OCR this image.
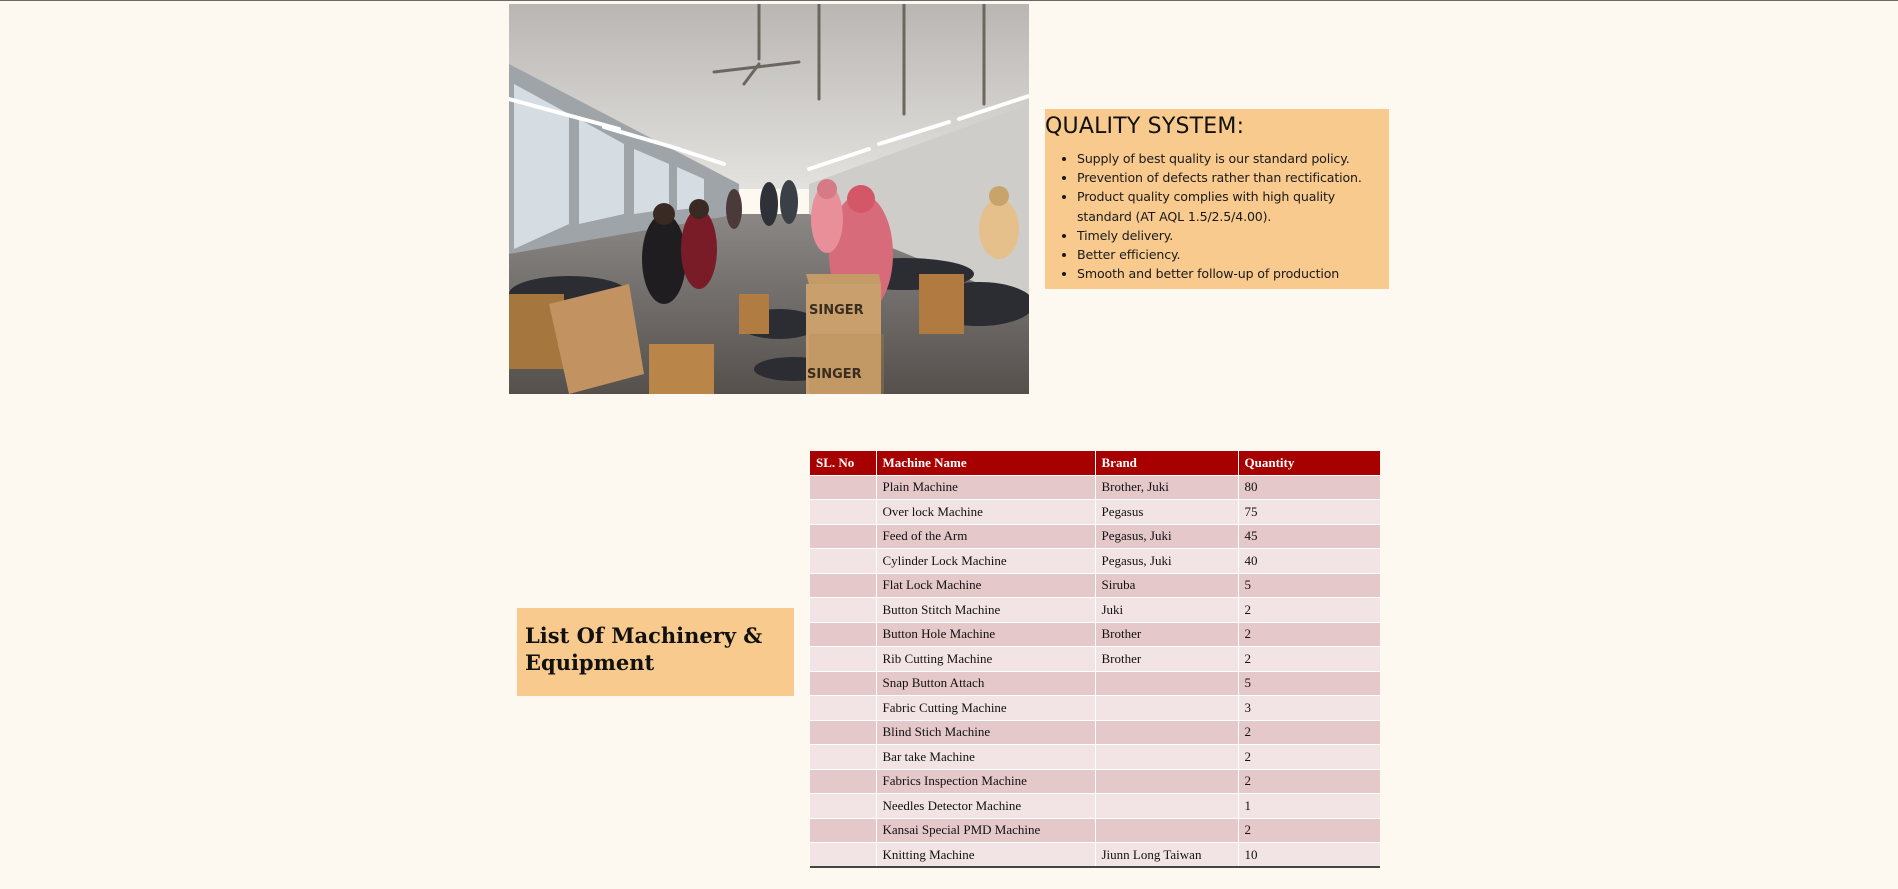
SINGER
SINGER
QUALITY SYSTEM:
• Supply of best quality is our standard policy.
• Prevention of defects rather than rectification.
• Product quality complies with high quality standard (AT AQL 1.5/2.5/4.00).
• Timely delivery.
• Better efficiency.
• Smooth and better follow-up of production
List Of Machinery & Equipment
SL. No	Machine Name	Brand	Quantity
	Plain Machine	Brother, Juki	80
	Over lock Machine	Pegasus	75
	Feed of the Arm	Pegasus, Juki	45
	Cylinder Lock Machine	Pegasus, Juki	40
	Flat Lock Machine	Siruba	5
	Button Stitch Machine	Juki	2
	Button Hole Machine	Brother	2
	Rib Cutting Machine	Brother	2
	Snap Button Attach		5
	Fabric Cutting Machine		3
	Blind Stich Machine		2
	Bar take Machine		2
	Fabrics Inspection Machine		2
	Needles Detector Machine		1
	Kansai Special PMD Machine		2
	Knitting Machine	Jiunn Long Taiwan	10
